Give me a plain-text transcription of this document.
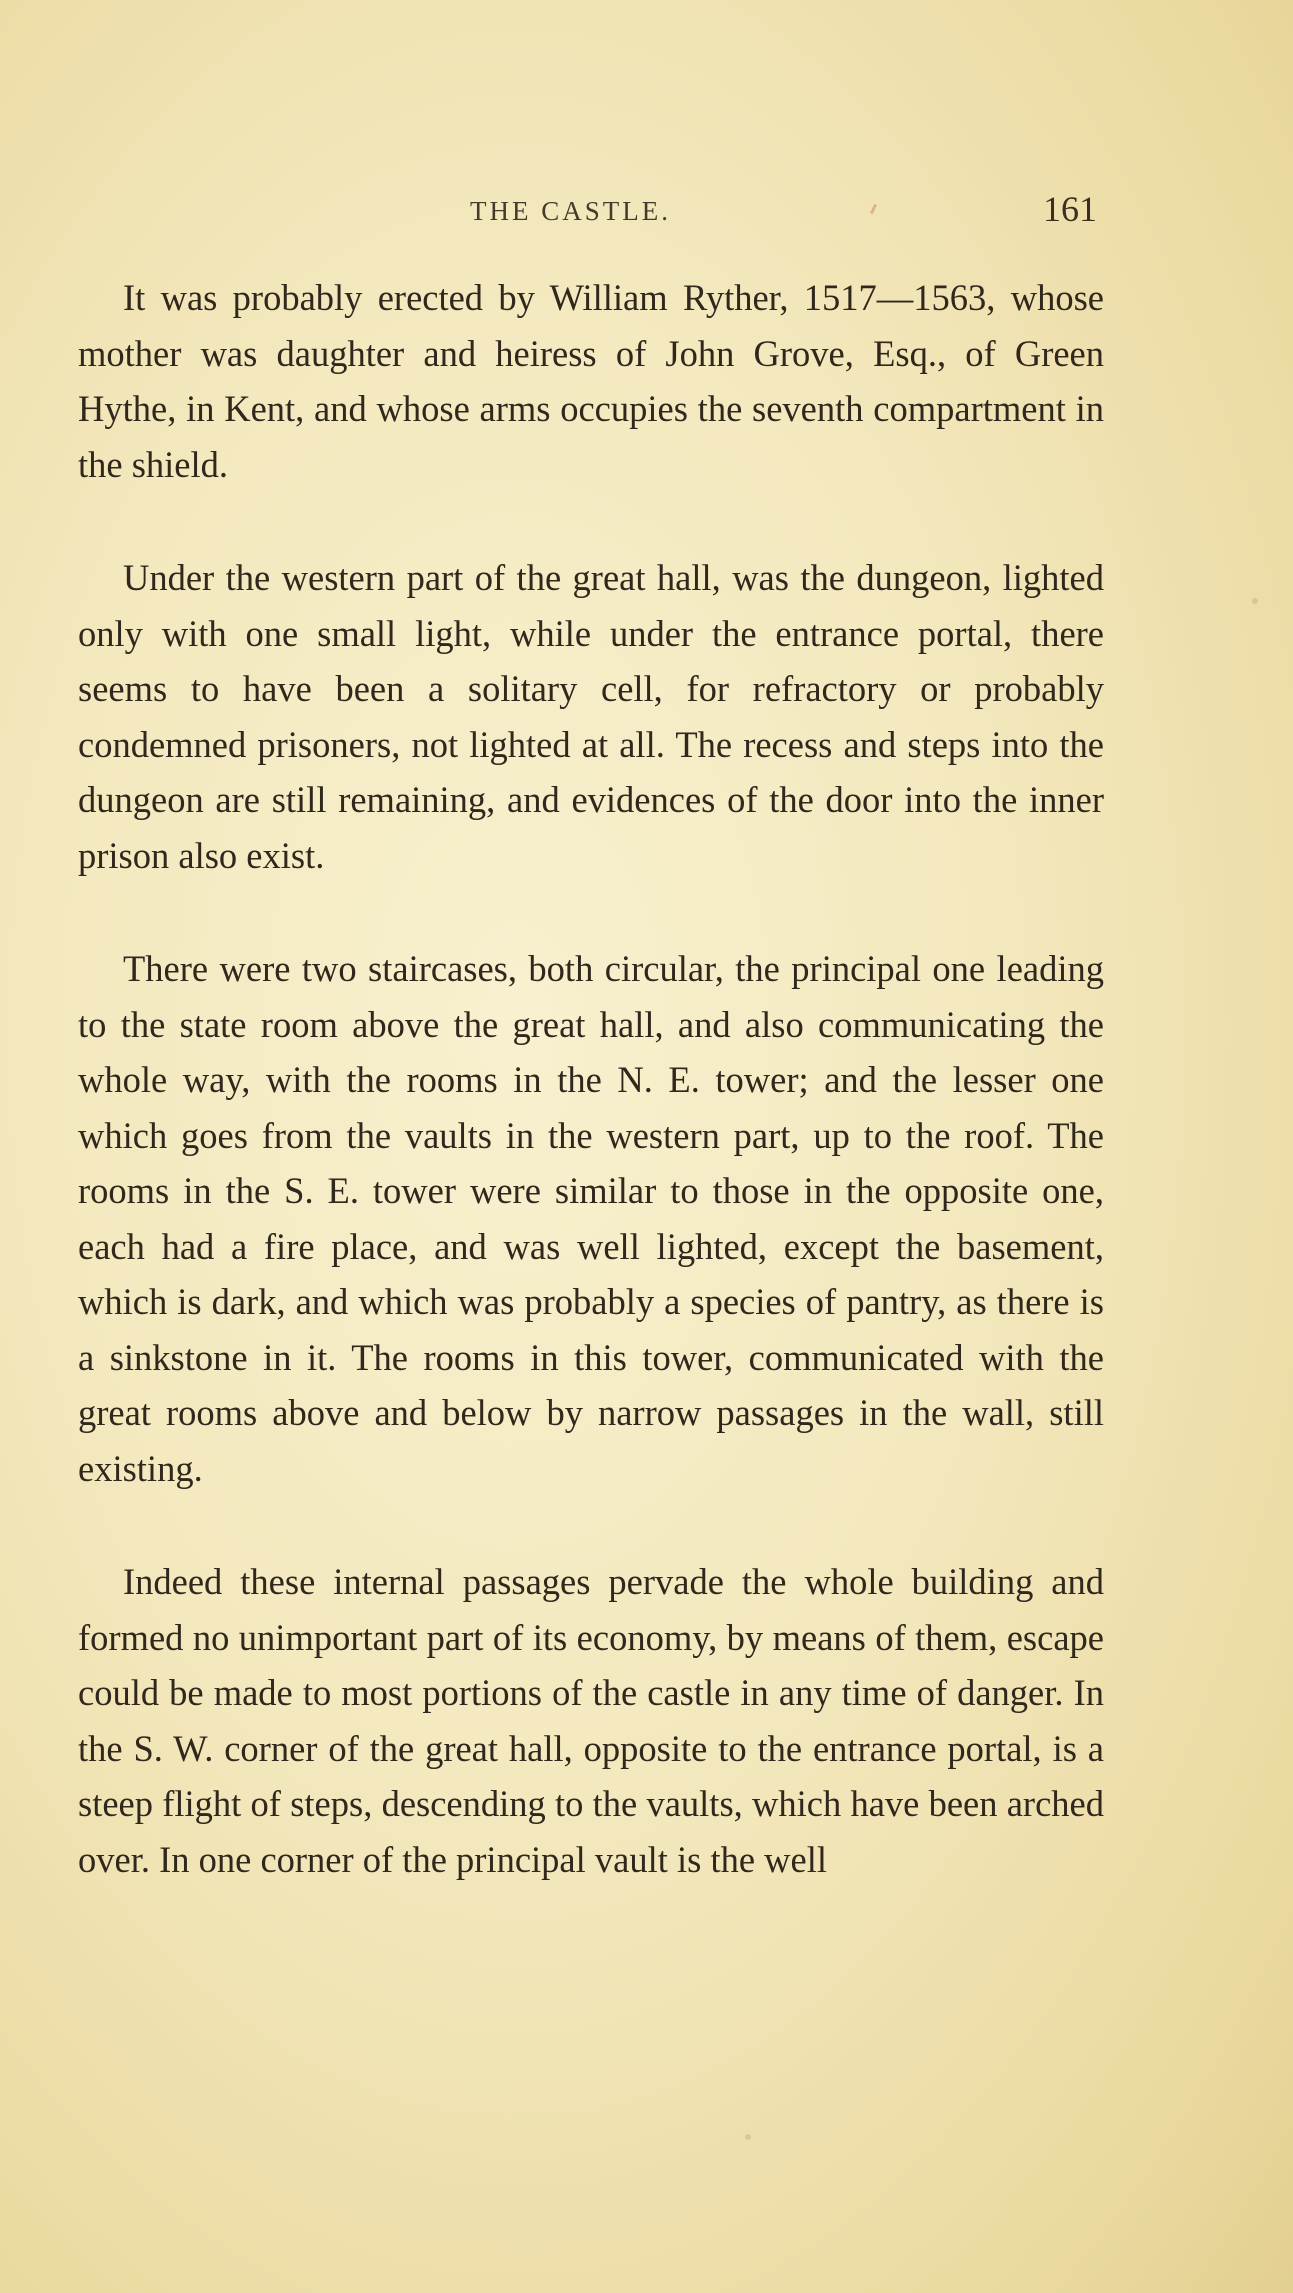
THE CASTLE.	161

It was probably erected by William Ryther, 1517—1563, whose mother was daughter and heiress of John Grove, Esq., of Green Hythe, in Kent, and whose arms occupies the seventh compartment in the shield.

Under the western part of the great hall, was the dungeon, lighted only with one small light, while under the entrance portal, there seems to have been a solitary cell, for refractory or probably condemned prisoners, not lighted at all. The recess and steps into the dungeon are still remaining, and evidences of the door into the inner prison also exist.

There were two staircases, both circular, the principal one leading to the state room above the great hall, and also communicating the whole way, with the rooms in the N. E. tower; and the lesser one which goes from the vaults in the western part, up to the roof. The rooms in the S. E. tower were similar to those in the opposite one, each had a fire place, and was well lighted, except the basement, which is dark, and which was probably a species of pantry, as there is a sinkstone in it. The rooms in this tower, communicated with the great rooms above and below by narrow passages in the wall, still existing.

Indeed these internal passages pervade the whole building and formed no unimportant part of its economy, by means of them, escape could be made to most portions of the castle in any time of danger. In the S. W. corner of the great hall, opposite to the entrance portal, is a steep flight of steps, descending to the vaults, which have been arched over. In one corner of the principal vault is the well
